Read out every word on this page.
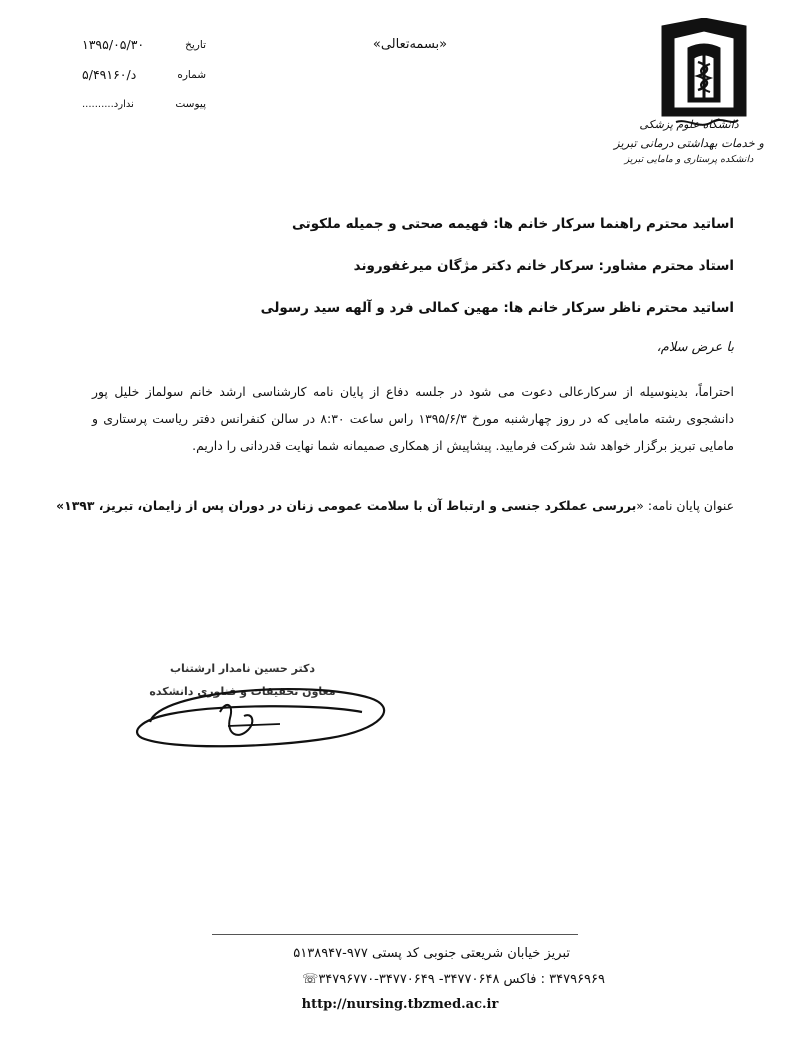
دانشگاه علوم پزشکی
و خدمات بهداشتی درمانی تبریز
دانشکده پرستاری و مامایی تبریز
«بسمه‌تعالی»
تاریخ
۱۳۹۵/۰۵/۳۰
شماره
۵/د/۴۹۱۶۰
پیوست
ندارد..........
اساتید محترم راهنما سرکار خانم ها: فهیمه صحتی و جمیله ملکوتی
استاد محترم مشاور: سرکار خانم دکتر مژگان میرغفوروند
اساتید محترم ناظر سرکار خانم ها: مهین کمالی فرد و آلهه سید رسولی
با عرض سلام،
احتراماً، بدینوسیله از سرکارعالی دعوت می شود در جلسه دفاع از پایان نامه کارشناسی ارشد خانم سولماز خلیل پور دانشجوی رشته مامایی که در روز چهارشنبه مورخ ۱۳۹۵/۶/۳ راس ساعت ۸:۳۰ در سالن کنفرانس دفتر ریاست پرستاری و مامایی تبریز برگزار خواهد شد شرکت فرمایید. پیشاپیش از همکاری صمیمانه شما نهایت قدردانی را داریم.
عنوان پایان نامه: «بررسی عملکرد جنسی و ارتباط آن با سلامت عمومی زنان در دوران پس از زایمان، تبریز، ۱۳۹۳»
دکتر حسین نامدار ارشتناب
معاون تحقیقات و فناوری دانشکده
تبریز خیابان شریعتی جنوبی کد پستی ۹۷۷-۵۱۳۸۹۴۷
۳۴۷۹۶۹۶۹ : فاکس ۳۴۷۷۰۶۴۸- ۳۴۷۷۰۶۴۹-۳۴۷۹۶۷۷۰☏
http://nursing.tbzmed.ac.ir
